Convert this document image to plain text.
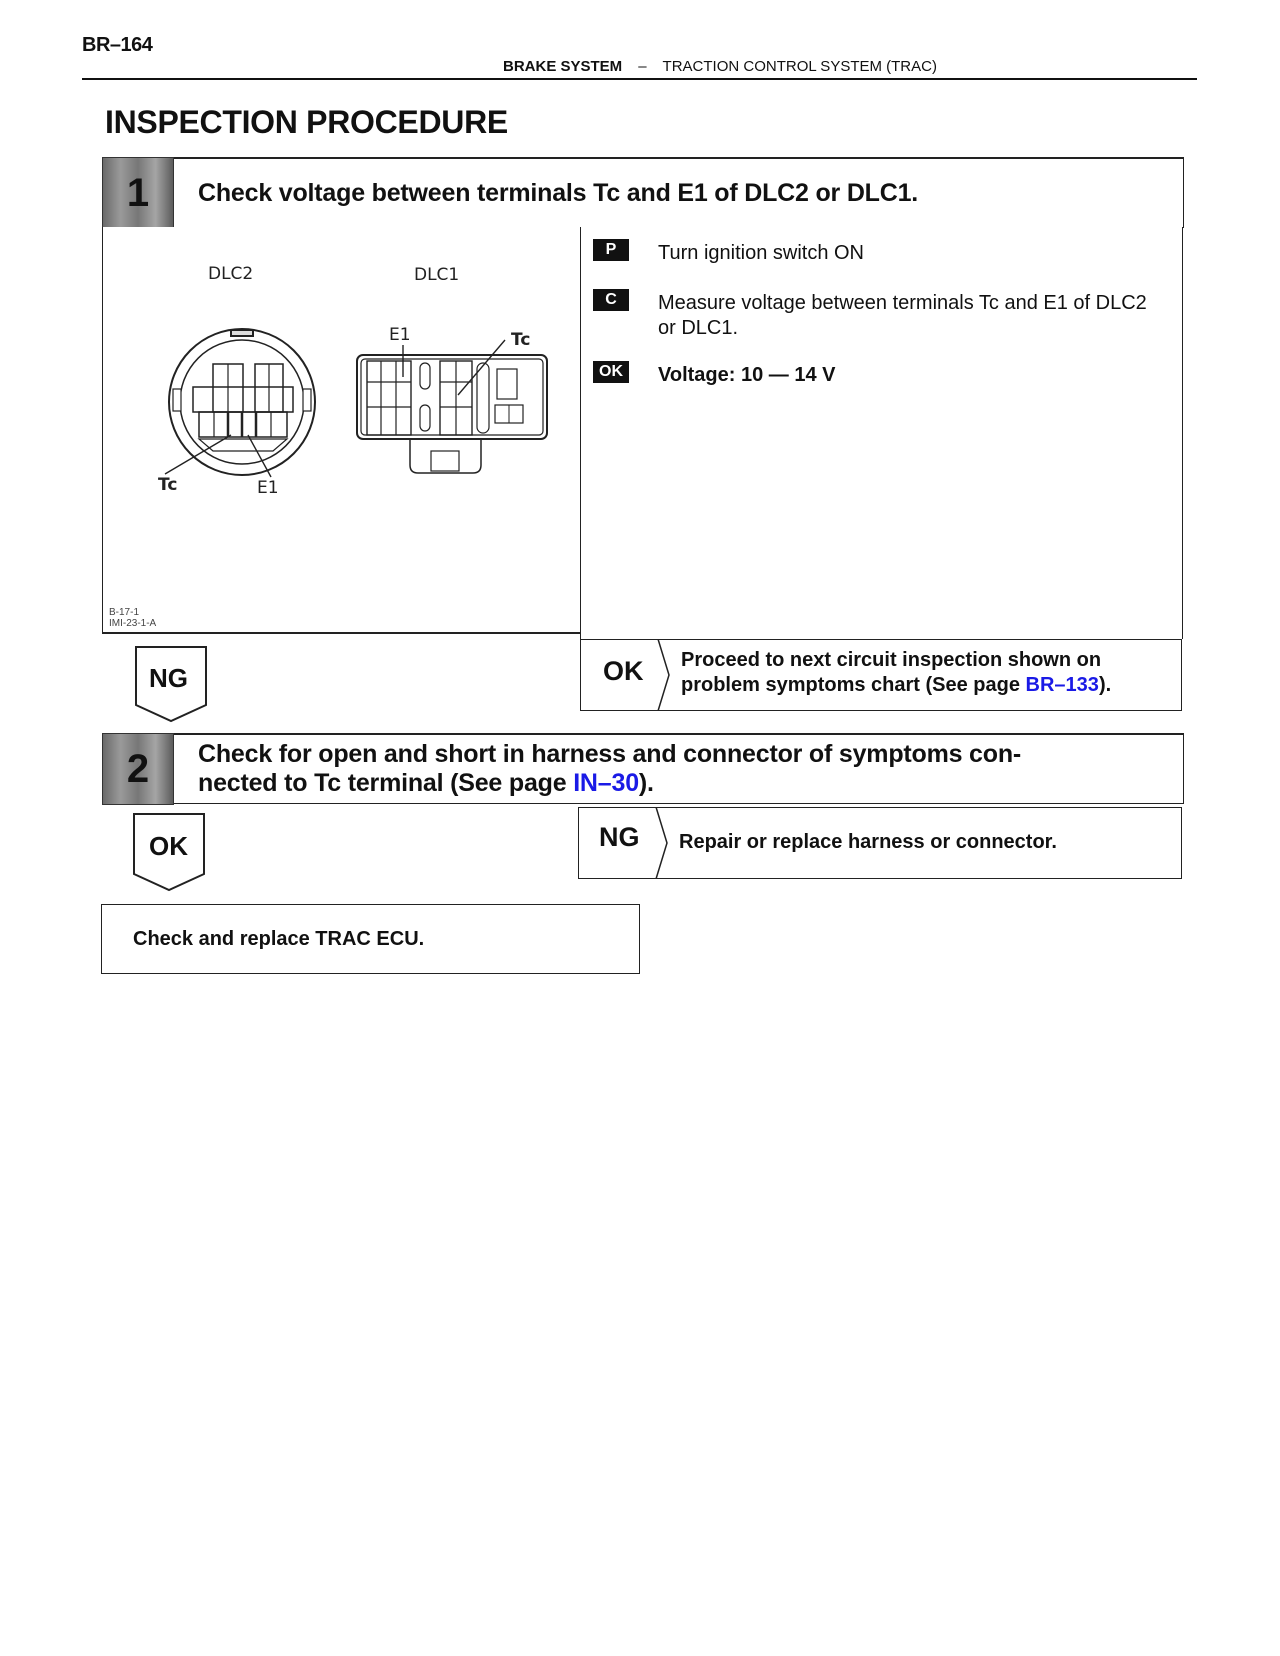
BR–164
BRAKE SYSTEM – TRACTION CONTROL SYSTEM (TRAC)
INSPECTION PROCEDURE
1	Check voltage between terminals Tc and E1 of DLC2 or DLC1.
DLC2	DLC1
Tc	E1
E1	Tc
B-17-1
IMI-23-1-A
P	Turn ignition switch ON
C	Measure voltage between terminals Tc and E1 of DLC2
or DLC1.
OK	Voltage: 10 — 14 V
NG	OK Proceed to next circuit inspection shown on
problem symptoms chart (See page BR–133).
2	Check for open and short in harness and connector of symptoms con-
nected to Tc terminal (See page IN–30).
OK	NG Repair or replace harness or connector.
Check and replace TRAC ECU.
